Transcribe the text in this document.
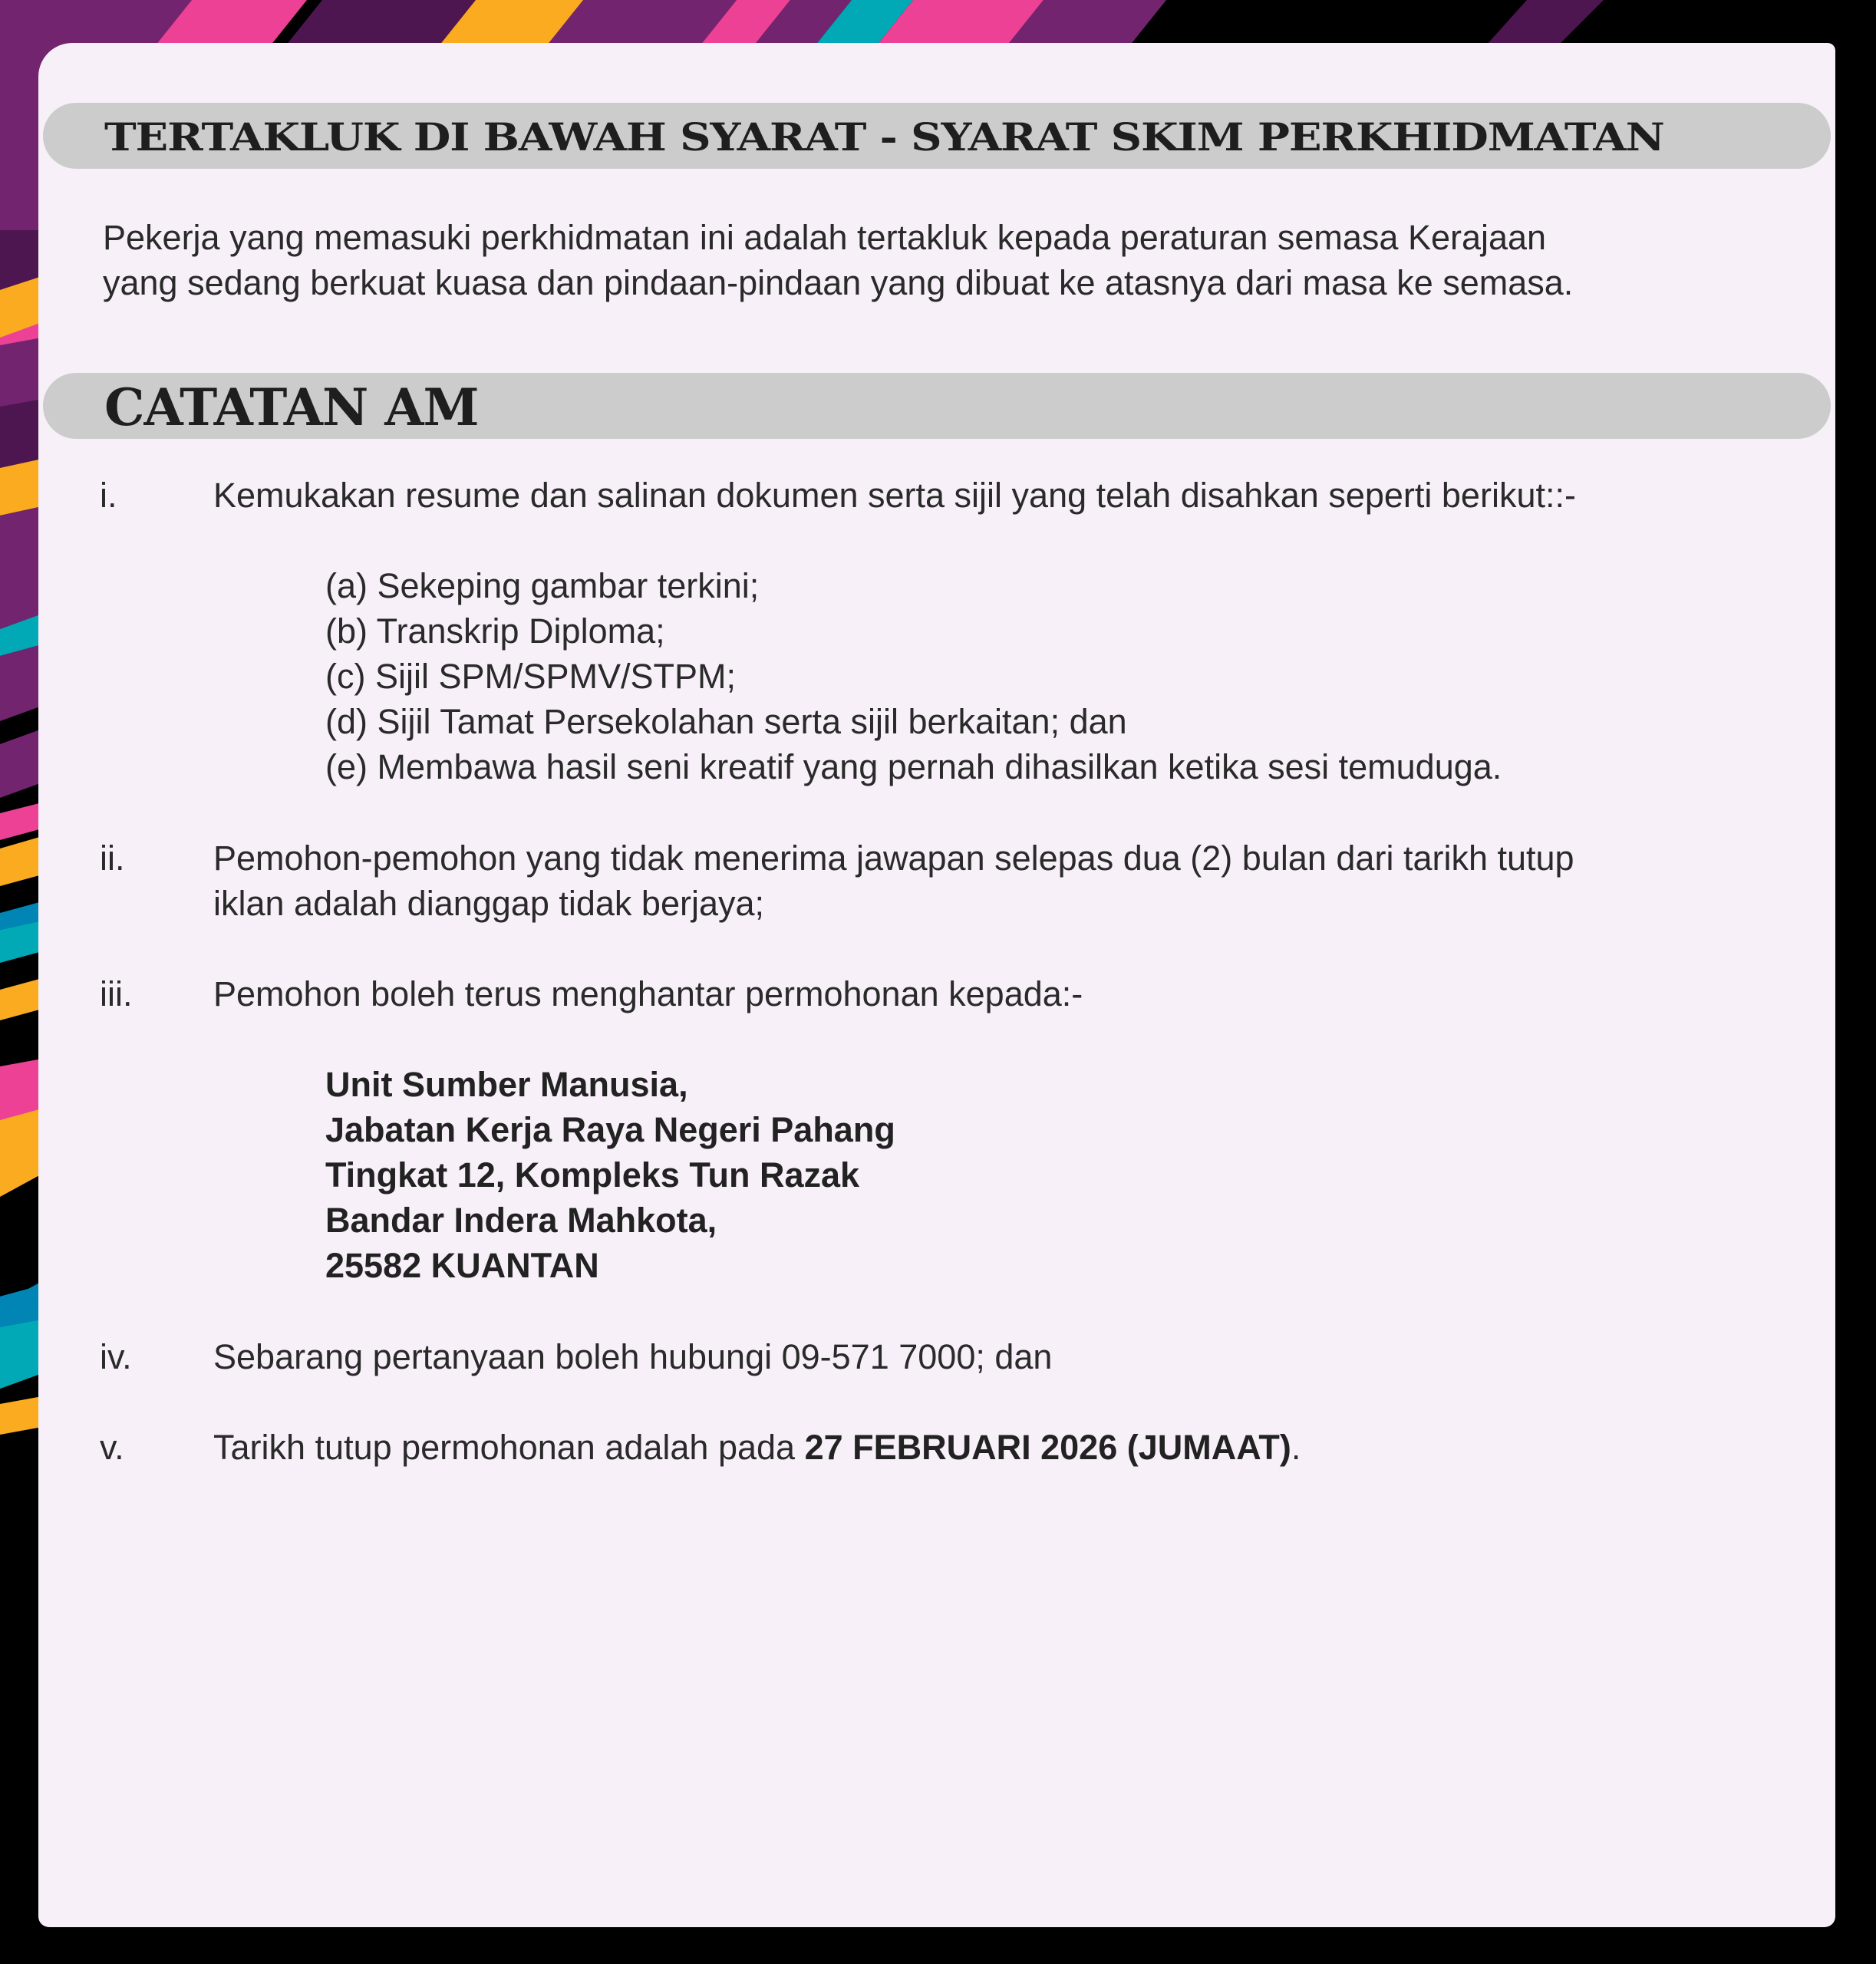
TERTAKLUK DI BAWAH SYARAT - SYARAT SKIM PERKHIDMATAN
Pekerja yang memasuki perkhidmatan ini adalah tertakluk kepada peraturan semasa Kerajaan
yang sedang berkuat kuasa dan pindaan-pindaan yang dibuat ke atasnya dari masa ke semasa.
CATATAN AM
i.	Kemukakan resume dan salinan dokumen serta sijil yang telah disahkan seperti berikut::-
(a) Sekeping gambar terkini;
(b) Transkrip Diploma;
(c) Sijil SPM/SPMV/STPM;
(d) Sijil Tamat Persekolahan serta sijil berkaitan; dan
(e) Membawa hasil seni kreatif yang pernah dihasilkan ketika sesi temuduga.
ii.	Pemohon-pemohon yang tidak menerima jawapan selepas dua (2) bulan dari tarikh tutup
iklan adalah dianggap tidak berjaya;
iii. Pemohon boleh terus menghantar permohonan kepada:-
Unit Sumber Manusia,
Jabatan Kerja Raya Negeri Pahang
Tingkat 12, Kompleks Tun Razak
Bandar Indera Mahkota,
25582 KUANTAN
iv. Sebarang pertanyaan boleh hubungi 09-571 7000; dan
v.	Tarikh tutup permohonan adalah pada 27 FEBRUARI 2026 (JUMAAT).
